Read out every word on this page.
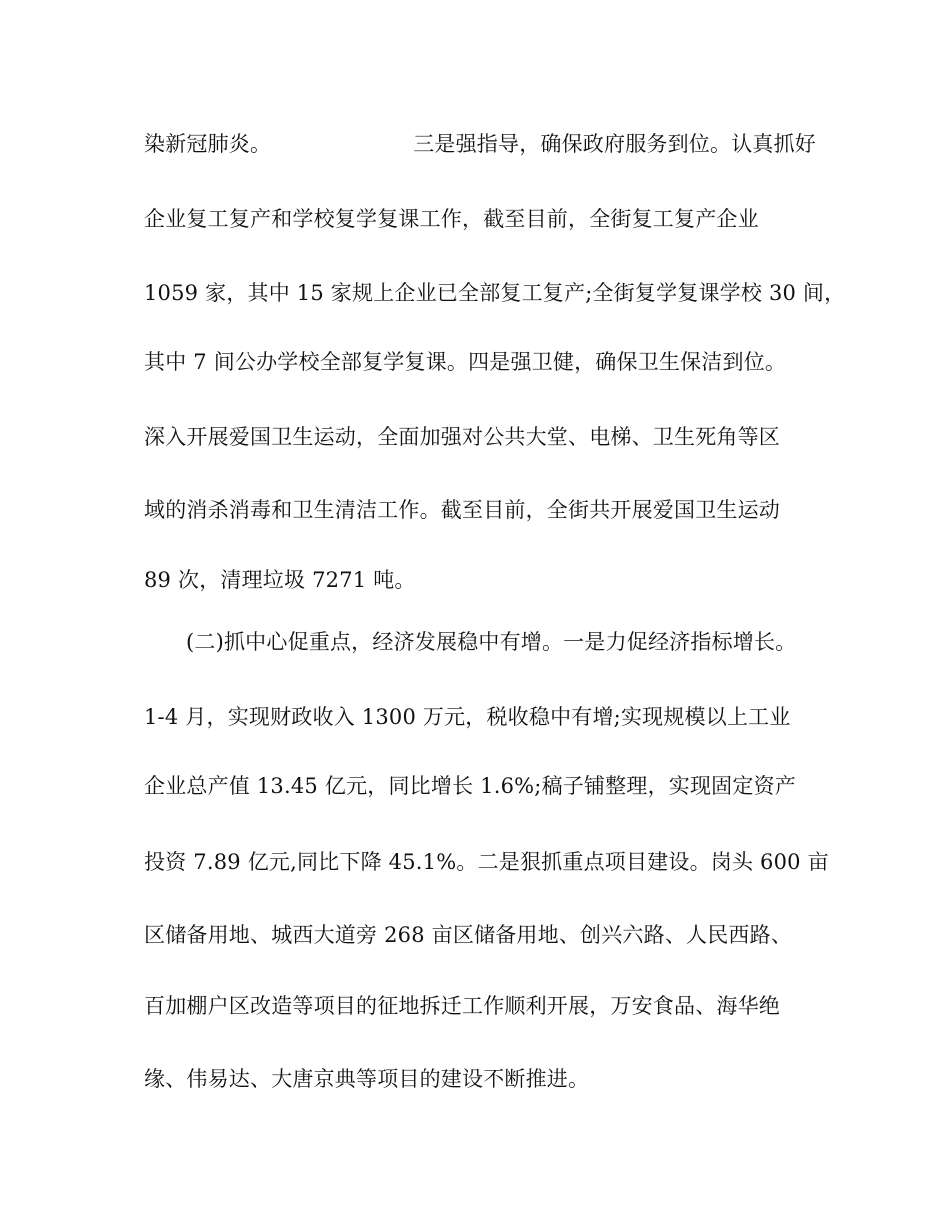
染新冠肺炎。	三是强指导，确保政府服务到位。认真抓好
企业复工复产和学校复学复课工作，截至目前，全街复工复产企业
1059 家，其中 15 家规上企业已全部复工复产;全街复学复课学校 30 间，
其中 7 间公办学校全部复学复课。四是强卫健，确保卫生保洁到位。
深入开展爱国卫生运动，全面加强对公共大堂、电梯、卫生死角等区
域的消杀消毒和卫生清洁工作。截至目前，全街共开展爱国卫生运动
89 次，清理垃圾 7271 吨。
(二)抓中心促重点，经济发展稳中有增。一是力促经济指标增长。
1-4 月，实现财政收入 1300 万元，税收稳中有增;实现规模以上工业
企业总产值 13.45 亿元，同比增长 1.6%;稿子铺整理，实现固定资产
投资 7.89 亿元,同比下降 45.1%。二是狠抓重点项目建设。岗头 600 亩
区储备用地、城西大道旁 268 亩区储备用地、创兴六路、人民西路、
百加棚户区改造等项目的征地拆迁工作顺利开展，万安食品、海华绝
缘、伟易达、大唐京典等项目的建设不断推进。
